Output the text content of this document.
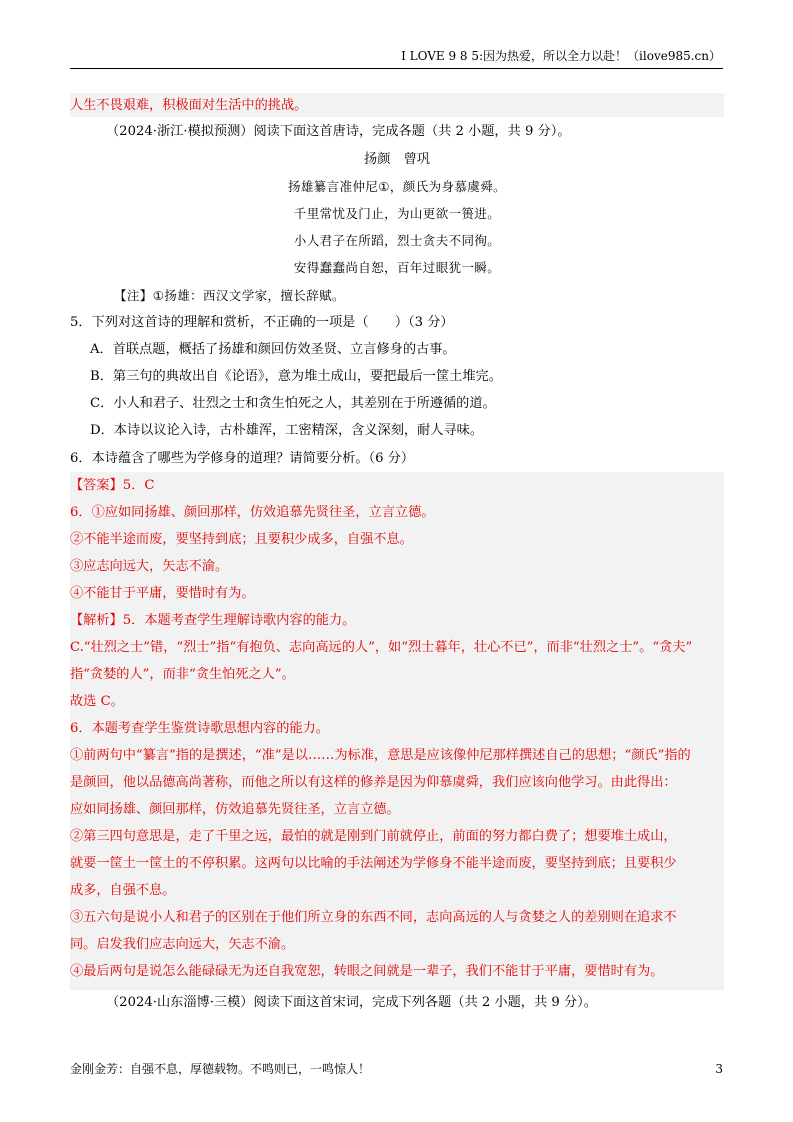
I LOVE 9 8 5:因为热爱，所以全力以赴！（ilove985.cn）
人生不畏艰难，积极面对生活中的挑战。
（2024·浙江·模拟预测）阅读下面这首唐诗，完成各题（共 2 小题，共 9 分）。
扬颜　曾巩
扬雄纂言准仲尼①，颜氏为身慕虞舜。
千里常忧及门止，为山更欲一篑进。
小人君子在所蹈，烈士贪夫不同徇。
安得蠢蠢尚自恕，百年过眼犹一瞬。
【注】①扬雄：西汉文学家，擅长辞赋。
5．下列对这首诗的理解和赏析，不正确的一项是（　　）（3 分）
A．首联点题，概括了扬雄和颜回仿效圣贤、立言修身的古事。
B．第三句的典故出自《论语》，意为堆土成山，要把最后一筐土堆完。
C．小人和君子、壮烈之士和贪生怕死之人，其差别在于所遵循的道。
D．本诗以议论入诗，古朴雄浑，工密精深，含义深刻，耐人寻味。
6．本诗蕴含了哪些为学修身的道理？请简要分析。（6 分）
【答案】5．C
6．①应如同扬雄、颜回那样，仿效追慕先贤往圣，立言立德。
②不能半途而废，要坚持到底；且要积少成多，自强不息。
③应志向远大，矢志不渝。
④不能甘于平庸，要惜时有为。
【解析】5．本题考查学生理解诗歌内容的能力。
C.“壮烈之士”错，“烈士”指“有抱负、志向高远的人”，如“烈士暮年，壮心不已”，而非“壮烈之士”。“贪夫”
指“贪婪的人”，而非“贪生怕死之人”。
故选 C。
6．本题考查学生鉴赏诗歌思想内容的能力。
①前两句中“纂言”指的是撰述，“准”是以……为标准，意思是应该像仲尼那样撰述自己的思想；“颜氏”指的
是颜回，他以品德高尚著称，而他之所以有这样的修养是因为仰慕虞舜，我们应该向他学习。由此得出：
应如同扬雄、颜回那样，仿效追慕先贤往圣，立言立德。
②第三四句意思是，走了千里之远，最怕的就是刚到门前就停止，前面的努力都白费了；想要堆土成山，
就要一筐土一筐土的不停积累。这两句以比喻的手法阐述为学修身不能半途而废，要坚持到底；且要积少
成多，自强不息。
③五六句是说小人和君子的区别在于他们所立身的东西不同，志向高远的人与贪婪之人的差别则在追求不
同。启发我们应志向远大，矢志不渝。
④最后两句是说怎么能碌碌无为还自我宽恕，转眼之间就是一辈子，我们不能甘于平庸，要惜时有为。
（2024·山东淄博·三模）阅读下面这首宋词，完成下列各题（共 2 小题，共 9 分）。
金刚金芳：自强不息，厚德载物。不鸣则已，一鸣惊人！	3
